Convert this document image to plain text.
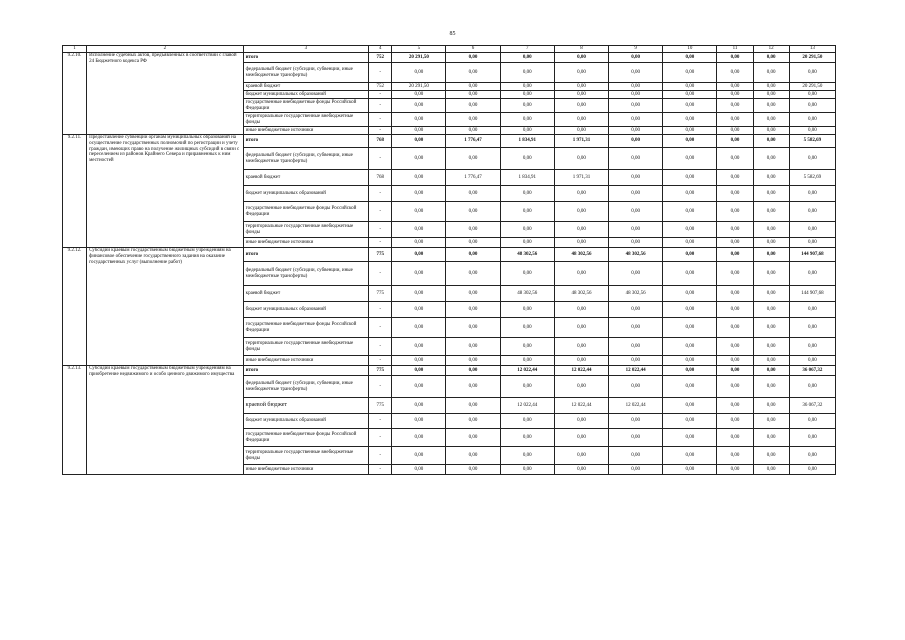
85
1	2	3	4	5	6	7	8	9	10	11	12	13
9.2.10.	Исполнение судебных актов, предъявленных в соответствии с главой 24 Бюджетного кодекса РФ	итого	752	20 291,50	0,00	0,00	0,00	0,00	0,00	0,00	0,00	20 291,50
		федеральный бюджет (субсидии, субвенции, иные межбюджетные трансферты)	-	0,00	0,00	0,00	0,00	0,00	0,00	0,00	0,00	0,00
		краевой бюджет	752	20 291,50	0,00	0,00	0,00	0,00	0,00	0,00	0,00	20 291,50
		бюджет муниципальных образований	-	0,00	0,00	0,00	0,00	0,00	0,00	0,00	0,00	0,00
		государственные внебюджетные фонды Российской Федерации	-	0,00	0,00	0,00	0,00	0,00	0,00	0,00	0,00	0,00
		территориальные государственные внебюджетные фонды	-	0,00	0,00	0,00	0,00	0,00	0,00	0,00	0,00	0,00
		иные внебюджетные источники	-	0,00	0,00	0,00	0,00	0,00	0,00	0,00	0,00	0,00
9.2.11.	Предоставление субвенции органам муниципальных образований на осуществление государственных полномочий по регистрации и учету граждан, имеющих право на получение жилищных субсидий в связи с переселением из районов Крайнего Севера и приравненных к ним местностей	итого	768	0,00	1 776,47	1 834,91	1 971,31	0,00	0,00	0,00	0,00	5 582,69
		федеральный бюджет (субсидии, субвенции, иные межбюджетные трансферты)	-	0,00	0,00	0,00	0,00	0,00	0,00	0,00	0,00	0,00
		краевой бюджет	768	0,00	1 776,47	1 834,91	1 971,31	0,00	0,00	0,00	0,00	5 582,69
		бюджет муниципальных образований	-	0,00	0,00	0,00	0,00	0,00	0,00	0,00	0,00	0,00
		государственные внебюджетные фонды Российской Федерации	-	0,00	0,00	0,00	0,00	0,00	0,00	0,00	0,00	0,00
		территориальные государственные внебюджетные фонды	-	0,00	0,00	0,00	0,00	0,00	0,00	0,00	0,00	0,00
		иные внебюджетные источники	-	0,00	0,00	0,00	0,00	0,00	0,00	0,00	0,00	0,00
9.2.12.	Субсидии краевым государственным бюджетным учреждениям на финансовое обеспечение государственного задания на оказание государственных услуг (выполнение работ)	итого	775	0,00	0,00	48 302,56	48 302,56	48 302,56	0,00	0,00	0,00	144 907,68
		федеральный бюджет (субсидии, субвенции, иные межбюджетные трансферты)	-	0,00	0,00	0,00	0,00	0,00	0,00	0,00	0,00	0,00
		краевой бюджет	775	0,00	0,00	48 302,56	48 302,56	48 302,56	0,00	0,00	0,00	144 907,68
		бюджет муниципальных образований	-	0,00	0,00	0,00	0,00	0,00	0,00	0,00	0,00	0,00
		государственные внебюджетные фонды Российской Федерации	-	0,00	0,00	0,00	0,00	0,00	0,00	0,00	0,00	0,00
		территориальные государственные внебюджетные фонды	-	0,00	0,00	0,00	0,00	0,00	0,00	0,00	0,00	0,00
		иные внебюджетные источники	-	0,00	0,00	0,00	0,00	0,00	0,00	0,00	0,00	0,00
9.2.13.	Субсидии краевым государственным бюджетным учреждениям на приобретение недвижимого и особо ценного движимого имущества	итого	775	0,00	0,00	12 022,44	12 022,44	12 022,44	0,00	0,00	0,00	36 067,32
		федеральный бюджет (субсидии, субвенции, иные межбюджетные трансферты)	-	0,00	0,00	0,00	0,00	0,00	0,00	0,00	0,00	0,00
		краевой бюджет	775	0,00	0,00	12 022,44	12 022,44	12 022,44	0,00	0,00	0,00	36 067,32
		бюджет муниципальных образований	-	0,00	0,00	0,00	0,00	0,00	0,00	0,00	0,00	0,00
		государственные внебюджетные фонды Российской Федерации	-	0,00	0,00	0,00	0,00	0,00	0,00	0,00	0,00	0,00
		территориальные государственные внебюджетные фонды	-	0,00	0,00	0,00	0,00	0,00	0,00	0,00	0,00	0,00
		иные внебюджетные источники	-	0,00	0,00	0,00	0,00	0,00	0,00	0,00	0,00	0,00
